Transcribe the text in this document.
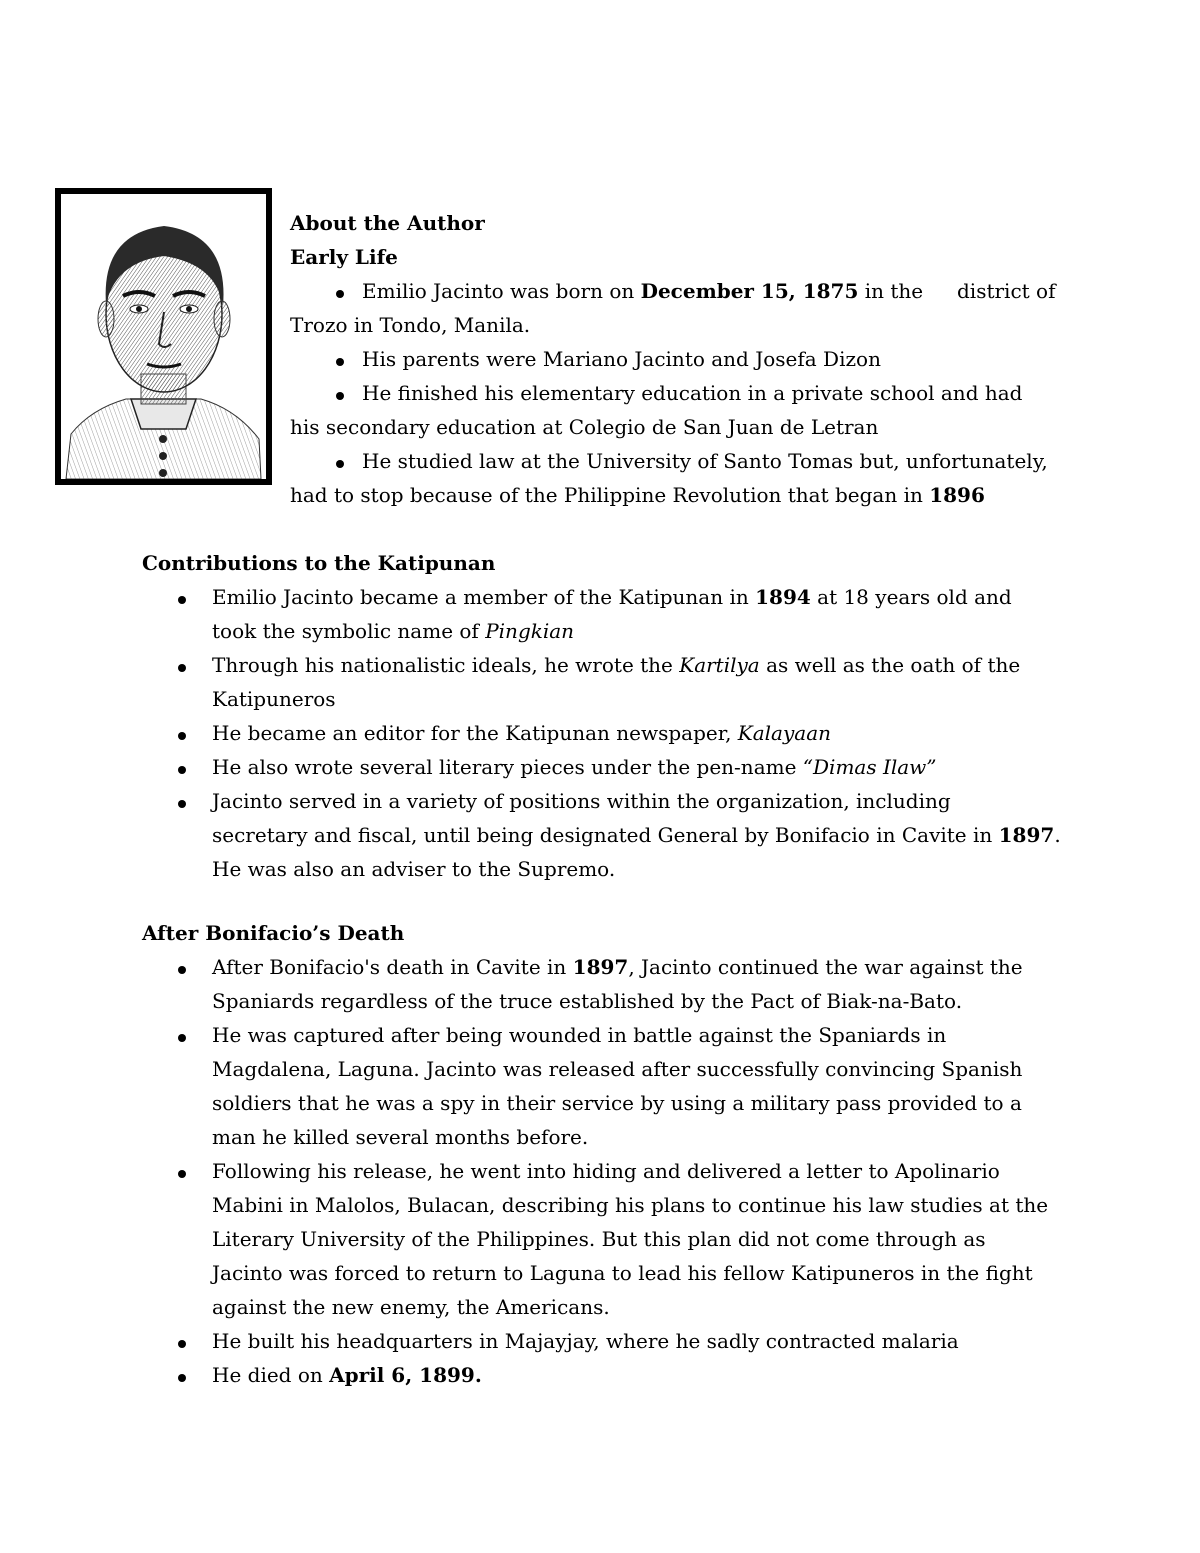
About the Author
Early Life
Emilio Jacinto was born on December 15, 1875 in the district of
Trozo in Tondo, Manila.
His parents were Mariano Jacinto and Josefa Dizon
He finished his elementary education in a private school and had
his secondary education at Colegio de San Juan de Letran
He studied law at the University of Santo Tomas but, unfortunately,
had to stop because of the Philippine Revolution that began in 1896
Contributions to the Katipunan
Emilio Jacinto became a member of the Katipunan in 1894 at 18 years old and
took the symbolic name of Pingkian
Through his nationalistic ideals, he wrote the Kartilya as well as the oath of the
Katipuneros
He became an editor for the Katipunan newspaper, Kalayaan
He also wrote several literary pieces under the pen-name “Dimas Ilaw”
Jacinto served in a variety of positions within the organization, including
secretary and fiscal, until being designated General by Bonifacio in Cavite in 1897.
He was also an adviser to the Supremo.
After Bonifacio’s Death
After Bonifacio's death in Cavite in 1897, Jacinto continued the war against the
Spaniards regardless of the truce established by the Pact of Biak-na-Bato.
He was captured after being wounded in battle against the Spaniards in
Magdalena, Laguna. Jacinto was released after successfully convincing Spanish
soldiers that he was a spy in their service by using a military pass provided to a
man he killed several months before.
Following his release, he went into hiding and delivered a letter to Apolinario
Mabini in Malolos, Bulacan, describing his plans to continue his law studies at the
Literary University of the Philippines. But this plan did not come through as
Jacinto was forced to return to Laguna to lead his fellow Katipuneros in the fight
against the new enemy, the Americans.
He built his headquarters in Majayjay, where he sadly contracted malaria
He died on April 6, 1899.
